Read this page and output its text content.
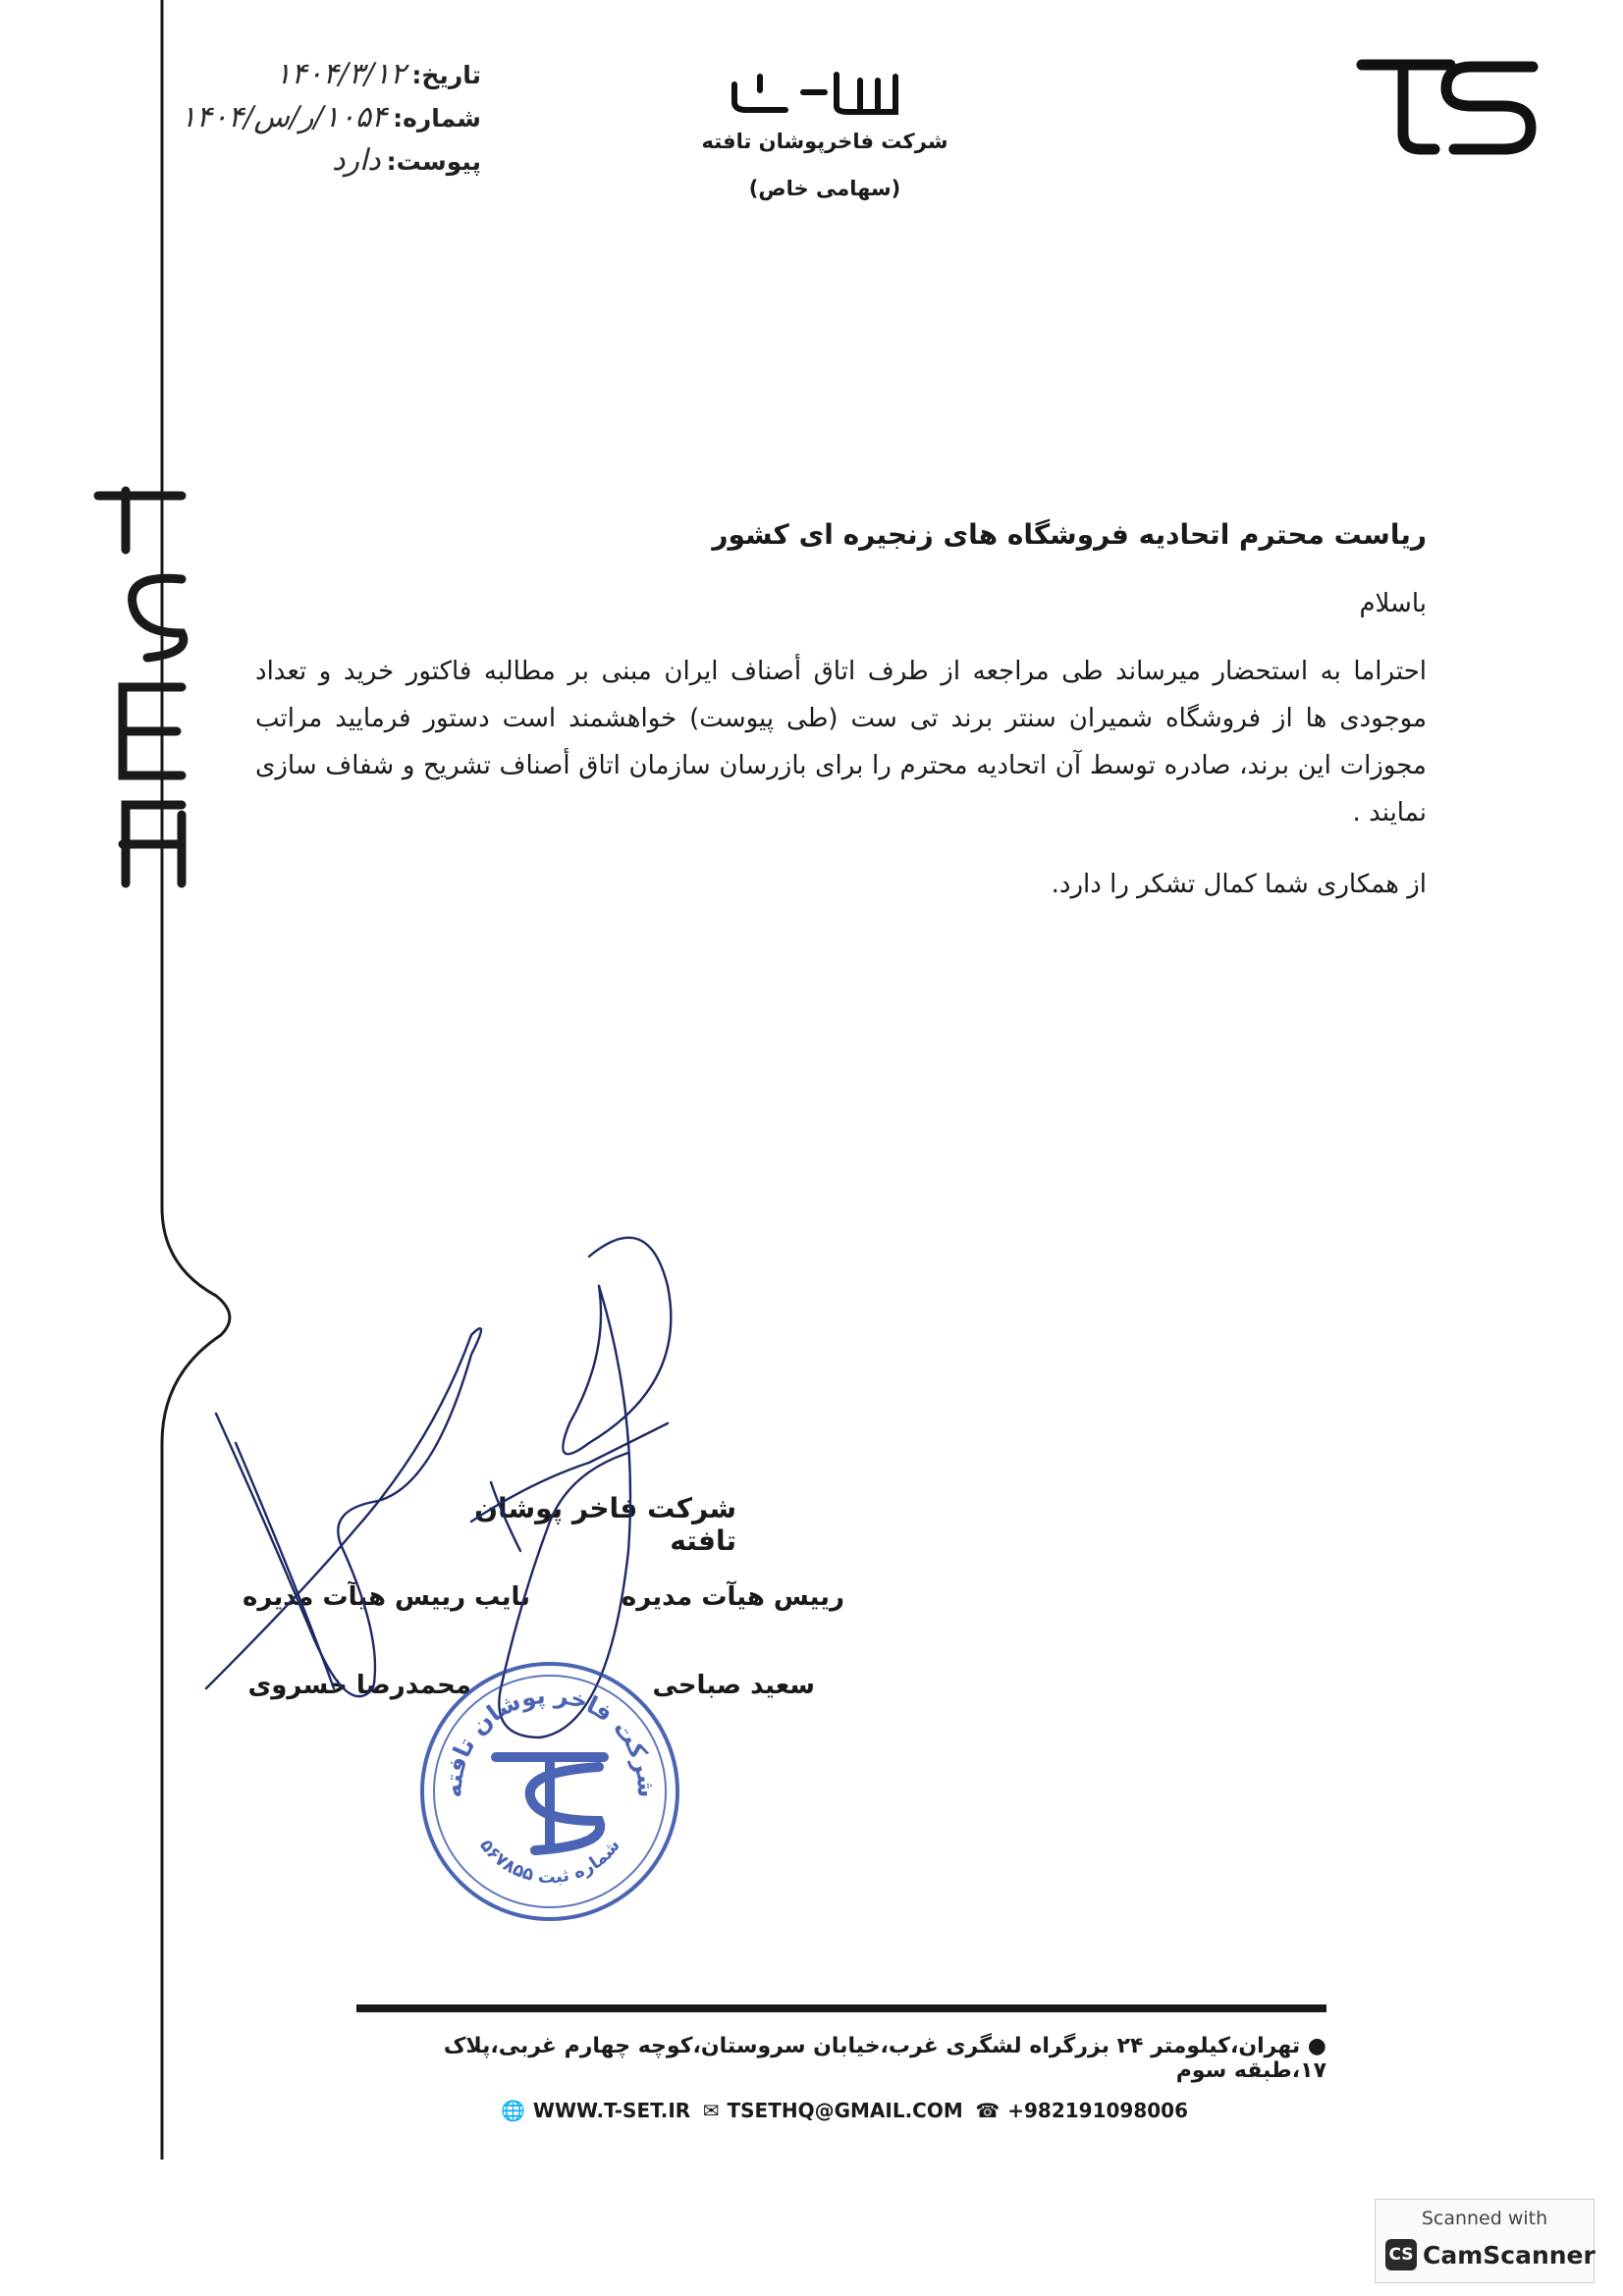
شرکت فاخرپوشان تافته
(سهامی خاص)
تاریخ:
۱۴۰۴/۳/۱۲
شماره:
۱۰۵۴/ر/س/۱۴۰۴
پیوست:
دارد
ریاست محترم اتحادیه فروشگاه های زنجیره ای کشور
باسلام
احتراما به استحضار میرساند طی مراجعه از طرف اتاق أصناف ایران مبنی بر مطالبه فاکتور خرید و تعداد موجودی ها از فروشگاه شمیران سنتر برند تی ست (طی پیوست) خواهشمند است دستور فرمایید مراتب مجوزات این برند، صادره توسط آن اتحادیه محترم را برای بازرسان سازمان اتاق أصناف تشریح و شفاف سازی نمایند .
از همکاری شما کمال تشکر را دارد.
شرکت فاخر پوشان تافته
رییس هیآت مدیره
نایب رییس هیآت مدیره
سعید صباحی
محمدرضا خسروی
شرکت فاخر پوشان تافته
شماره ثبت ۵۶۷۸۵۵
● تهران،کیلومتر ۲۴ بزرگراه لشگری غرب،خیابان سروستان،کوچه چهارم غربی،پلاک ۱۷،طبقه سوم
🌐 WWW.T-SET.IR ✉ TSETHQ@GMAIL.COM ☎ +982191098006
Scanned with
CS CamScanner
